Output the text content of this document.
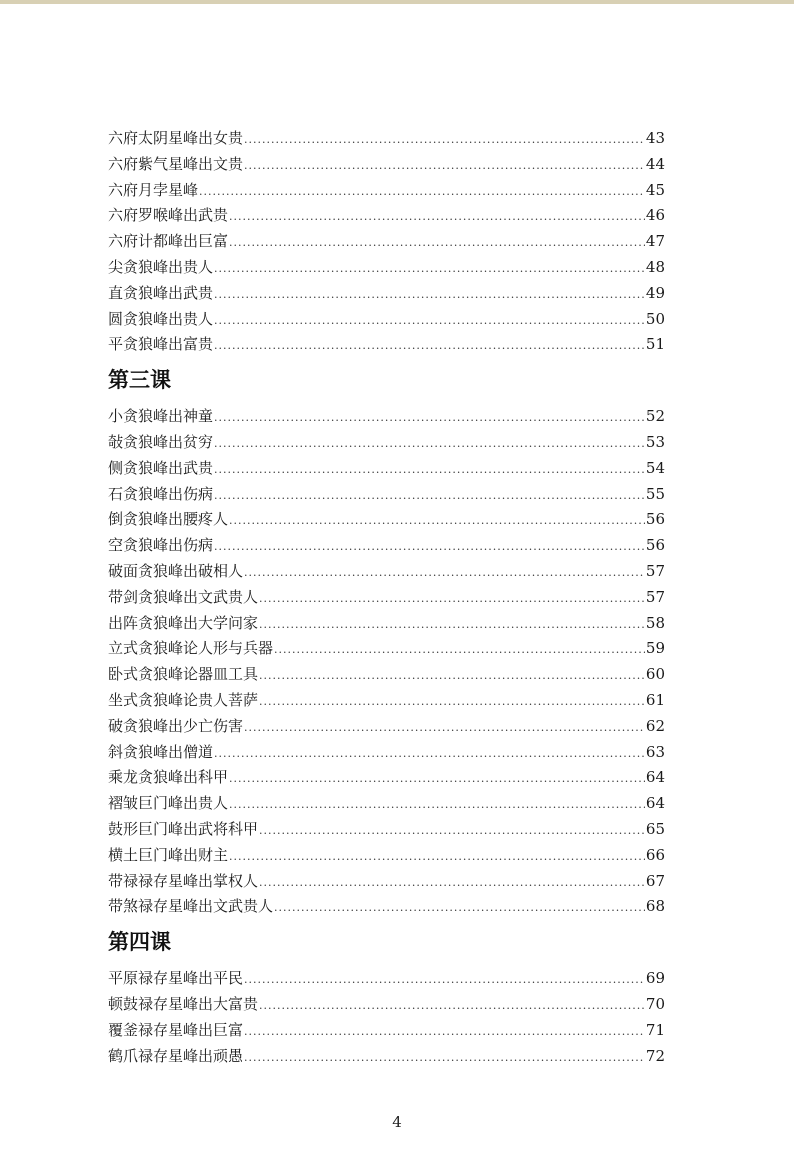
六府太阴星峰出女贵 .....	43
六府紫气星峰出文贵 .....	44
六府月孛星峰 .....	45
六府罗喉峰出武贵 .....	46
六府计都峰出巨富 .....	47
尖贪狼峰出贵人 .....	48
直贪狼峰出武贵 .....	49
圆贪狼峰出贵人 .....	50
平贪狼峰出富贵 .....	51
第三课
小贪狼峰出神童 .....	52
敧贪狼峰出贫穷 .....	53
侧贪狼峰出武贵 .....	54
石贪狼峰出伤病 .....	55
倒贪狼峰出腰疼人 .....	56
空贪狼峰出伤病 .....	56
破面贪狼峰出破相人 .....	57
带剑贪狼峰出文武贵人 .....	57
出阵贪狼峰出大学问家 .....	58
立式贪狼峰论人形与兵器 .....	59
卧式贪狼峰论器皿工具 .....	60
坐式贪狼峰论贵人菩萨 .....	61
破贪狼峰出少亡伤害 .....	62
斜贪狼峰出僧道 .....	63
乘龙贪狼峰出科甲 .....	64
褶皱巨门峰出贵人 .....	64
鼓形巨门峰出武将科甲 .....	65
横土巨门峰出财主 .....	66
带禄禄存星峰出掌权人 .....	67
带煞禄存星峰出文武贵人 .....	68
第四课
平原禄存星峰出平民 .....	69
顿鼓禄存星峰出大富贵 .....	70
覆釜禄存星峰出巨富 .....	71
鹤爪禄存星峰出顽愚 .....	72
4
